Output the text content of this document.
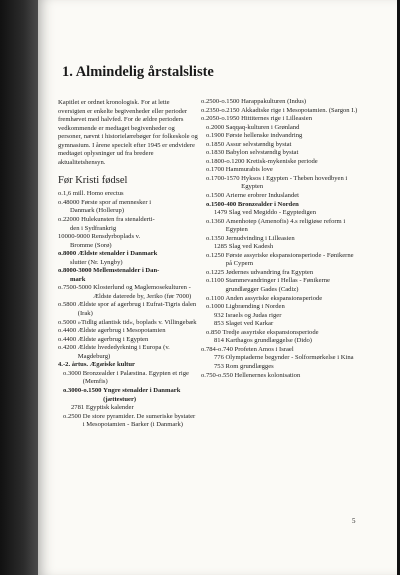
1. Almindelig årstalsliste

Kapitlet er ordnet kronologisk. For at lette oversigten er enkelte begivenheder eller perioder fremhævet med halvfed. For de ældre perioders vedkommende er medtaget begivenheder og personer, nævnt i historielærebøger for folkeskole og gymnasium. I årene specielt efter 1945 er endvidere medtaget oplysninger ud fra bredere aktualitetshensyn.

Før Kristi fødsel
o.1,6 mill. Homo erectus
o.48000 Første spor af mennesker i
Danmark (Hollerup)
o.22000 Hulekunsten fra stenalderti-
den i Sydfrankrig
10000-9000 Rensdyrboplads v.
Bromme (Sorø)
o.8000 Ældste stenalder i Danmark
slutter (Nr. Lyngby)
o.8000-3000 Mellemstenalder i Dan-
mark
o.7500-5000 Klosterlund og Maglemosekulturen - Ældste daterede by, Jeriko (før 7000)
o.5800 Ældste spor af agerbrug i Eufrat-Tigris dalen (Irak)
o.5000 »Tidlig atlantisk tid«, boplads v. Villingebæk
o.4400 Ældste agerbrug i Mesopotamien
o.4400 Ældste agerbrug i Egypten
o.4200 Ældste hvededyrkning i Europa (v. Magdeburg)
4.-2. årtus. Ægæiske kultur
o.3000 Bronzealder i Palæstina. Egypten et rige (Memfis)
o.3000-o.1500 Yngre stenalder i Danmark (jættestuer)
2781 Egyptisk kalender
o.2500 De store pyramider. De sumeriske bystater i Mesopotamien - Barker (i Danmark)
o.2500-o.1500 Harappakulturen (Indus)
o.2350-o.2150 Akkadiske rige i Mesopotamien. (Sargon I.)
o.2050-o.1950 Hittiternes rige i Lilleasien
o.2000 Saqqaq-kulturen i Grønland
o.1900 Første hellenske indvandring
o.1850 Assur selvstændig bystat
o.1830 Babylon selvstændig bystat
o.1800-o.1200 Kretisk-mykeniske periode
o.1700 Hammurabis love
o.1700-1570 Hyksos i Egypten - Theben hovedbyen i Egypten
o.1500 Arierne erobrer Induslandet
o.1500-400 Bronzealder i Norden
1479 Slag ved Megiddo - Egyptedigen
o.1360 Amenhotep (Amenofis) 4.s religiøse reform i Egypten
o.1350 Jernudvinding i Lilleasien
1285 Slag ved Kadesh
o.1250 Første assyriske ekspansionsperiode - Fønikerne på Cypern
o.1225 Jødernes udvandring fra Egypten
o.1100 Stammevandringer i Hellas - Fønikerne grundlægger Gades (Cadiz)
o.1100 Anden assyriske ekspansionsperiode
o.1000 Ligbrænding i Norden
932 Israels og Judas riger
853 Slaget ved Karkar
o.850 Tredje assyriske ekspansionsperiode
814 Karthagos grundlæggelse (Dido)
o.784-o.740 Profeten Amos i Israel
776 Olympiaderne begynder - Solformørkelse i Kina
753 Rom grundlægges
o.750-o.550 Hellenernes kolonisation
5
